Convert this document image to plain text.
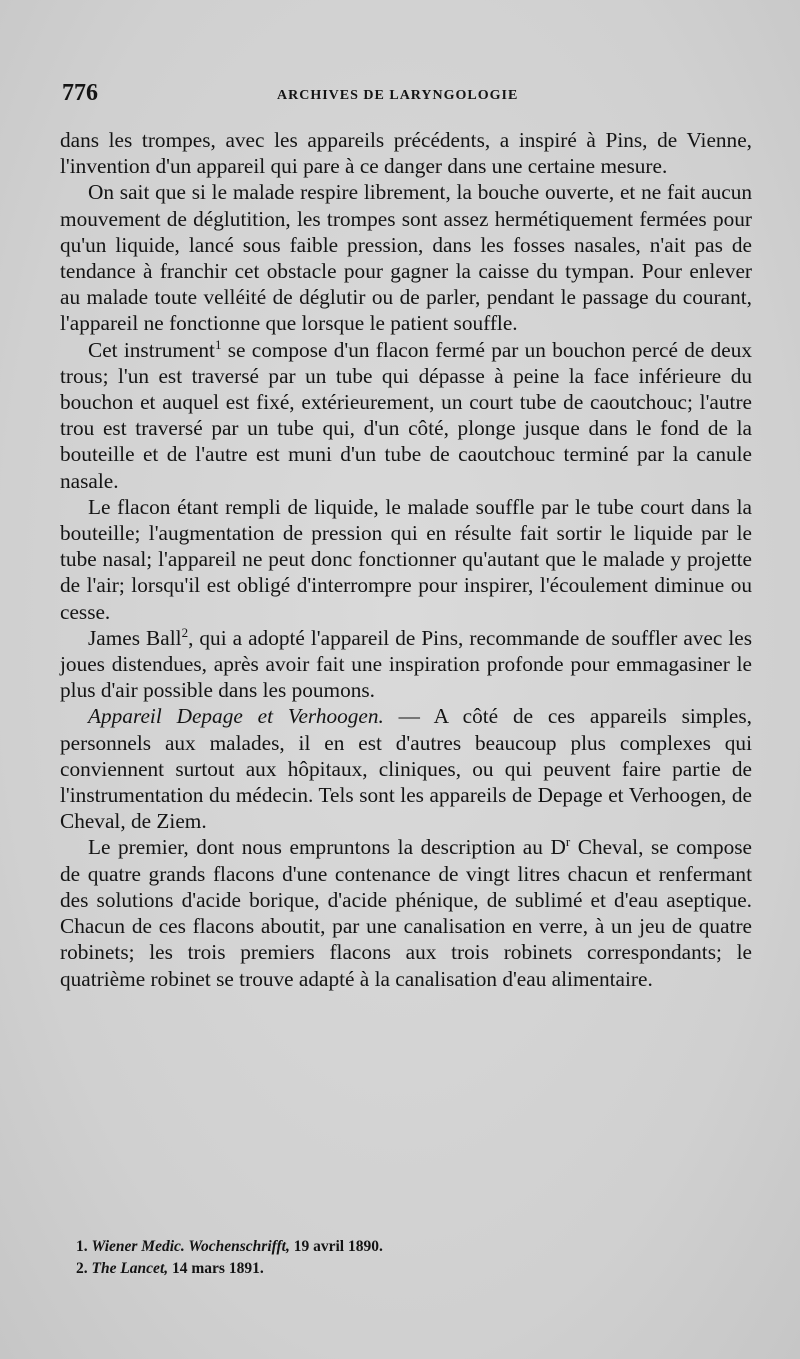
776	ARCHIVES DE LARYNGOLOGIE

dans les trompes, avec les appareils précédents, a inspiré à Pins, de Vienne, l'invention d'un appareil qui pare à ce danger dans une certaine mesure.

On sait que si le malade respire librement, la bouche ouverte, et ne fait aucun mouvement de déglutition, les trompes sont assez hermétiquement fermées pour qu'un liquide, lancé sous faible pression, dans les fosses nasales, n'ait pas de tendance à franchir cet obstacle pour gagner la caisse du tympan. Pour enlever au malade toute velléité de déglutir ou de parler, pendant le passage du courant, l'appareil ne fonctionne que lorsque le patient souffle.

Cet instrument$^1$ se compose d'un flacon fermé par un bouchon percé de deux trous; l'un est traversé par un tube qui dépasse à peine la face inférieure du bouchon et auquel est fixé, extérieurement, un court tube de caoutchouc; l'autre trou est traversé par un tube qui, d'un côté, plonge jusque dans le fond de la bouteille et de l'autre est muni d'un tube de caoutchouc terminé par la canule nasale.

Le flacon étant rempli de liquide, le malade souffle par le tube court dans la bouteille; l'augmentation de pression qui en résulte fait sortir le liquide par le tube nasal; l'appareil ne peut donc fonctionner qu'autant que le malade y projette de l'air; lorsqu'il est obligé d'interrompre pour inspirer, l'écoulement diminue ou cesse.

James Ball$^2$, qui a adopté l'appareil de Pins, recommande de souffler avec les joues distendues, après avoir fait une inspiration profonde pour emmagasiner le plus d'air possible dans les poumons.

Appareil Depage et Verhoogen. — A côté de ces appareils simples, personnels aux malades, il en est d'autres beaucoup plus complexes qui conviennent surtout aux hôpitaux, cliniques, ou qui peuvent faire partie de l'instrumentation du médecin. Tels sont les appareils de Depage et Verhoogen, de Cheval, de Ziem.

Le premier, dont nous empruntons la description au $D^r$ Cheval, se compose de quatre grands flacons d'une contenance de vingt litres chacun et renfermant des solutions d'acide borique, d'acide phénique, de sublimé et d'eau aseptique. Chacun de ces flacons aboutit, par une canalisation en verre, à un jeu de quatre robinets; les trois premiers flacons aux trois robinets correspondants; le quatrième robinet se trouve adapté à la canalisation d'eau alimentaire.

1. Wiener Medic. Wochenschrifft, 19 avril 1890.
2. The Lancet, 14 mars 1891.
